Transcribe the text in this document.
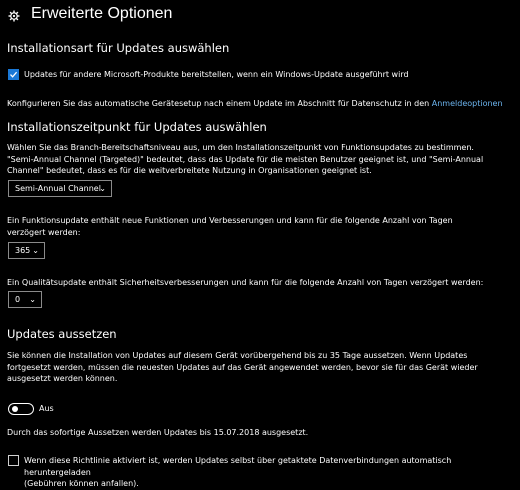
Erweiterte Optionen
Installationsart für Updates auswählen
Updates für andere Microsoft-Produkte bereitstellen, wenn ein Windows-Update ausgeführt wird
Konfigurieren Sie das automatische Gerätesetup nach einem Update im Abschnitt für Datenschutz in den Anmeldeoptionen
Installationszeitpunkt für Updates auswählen
Wählen Sie das Branch-Bereitschaftsniveau aus, um den Installationszeitpunkt von Funktionsupdates zu bestimmen.
"Semi-Annual Channel (Targeted)" bedeutet, dass das Update für die meisten Benutzer geeignet ist, und "Semi-Annual
Channel" bedeutet, dass es für die weitverbreitete Nutzung in Organisationen geeignet ist.
Semi-Annual Channel
⌄
Ein Funktionsupdate enthält neue Funktionen und Verbesserungen und kann für die folgende Anzahl von Tagen
verzögert werden:
365 ⌄
Ein Qualitätsupdate enthält Sicherheitsverbesserungen und kann für die folgende Anzahl von Tagen verzögert werden:
0 ⌄
Updates aussetzen
Sie können die Installation von Updates auf diesem Gerät vorübergehend bis zu 35 Tage aussetzen. Wenn Updates
fortgesetzt werden, müssen die neuesten Updates auf das Gerät angewendet werden, bevor sie für das Gerät wieder
ausgesetzt werden können.
Aus
Durch das sofortige Aussetzen werden Updates bis 15.07.2018 ausgesetzt.
Wenn diese Richtlinie aktiviert ist, werden Updates selbst über getaktete Datenverbindungen automatisch heruntergeladen
(Gebühren können anfallen).
